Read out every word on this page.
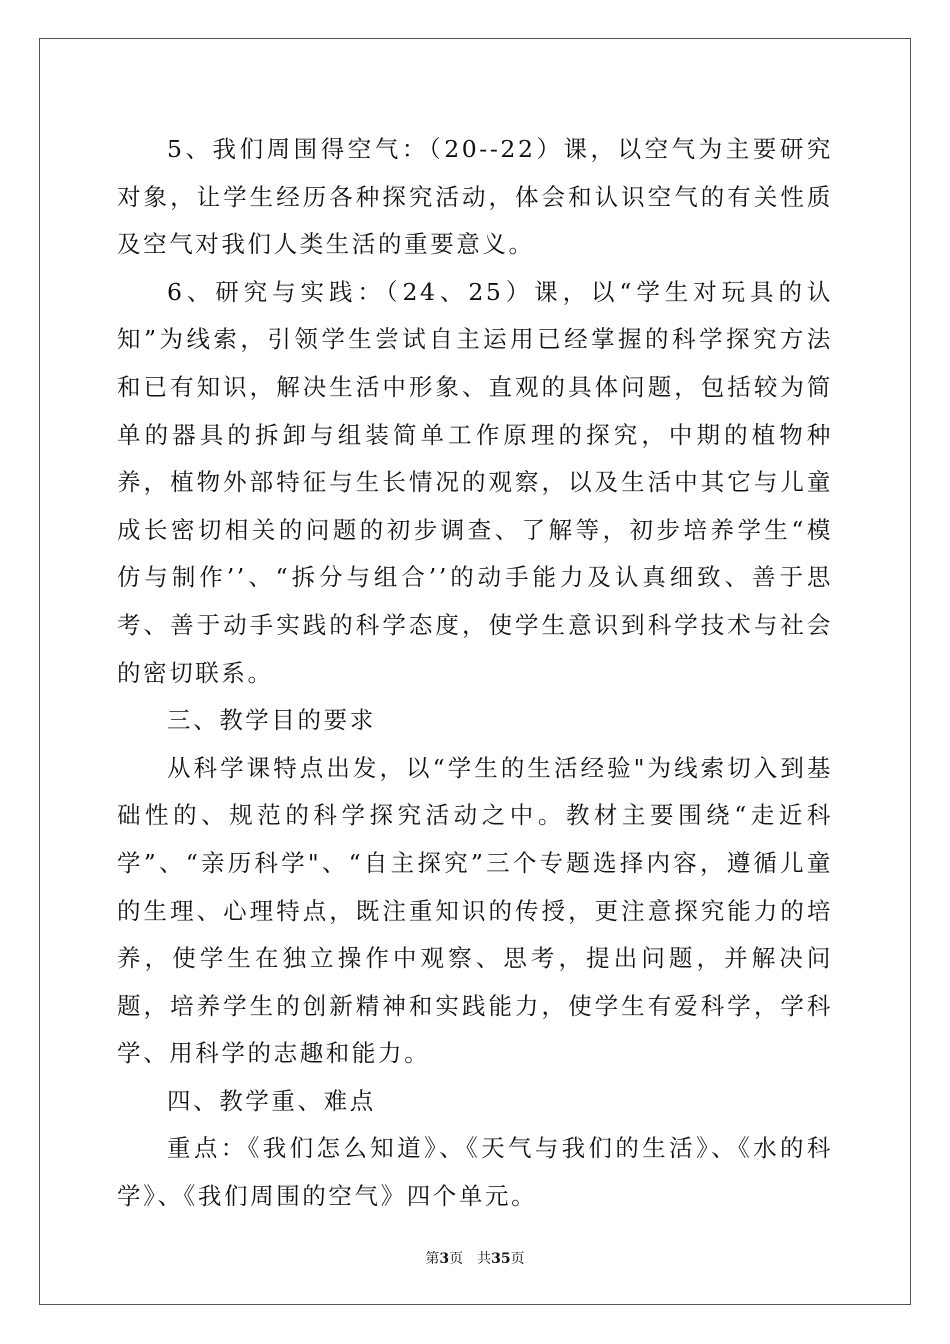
5、我们周围得空气：（20--22）课，以空气为主要研究对象，让学生经历各种探究活动，体会和认识空气的有关性质及空气对我们人类生活的重要意义。

6、研究与实践：（24、25）课，以“学生对玩具的认知”为线索，引领学生尝试自主运用已经掌握的科学探究方法和已有知识，解决生活中形象、直观的具体问题，包括较为简单的器具的拆卸与组装简单工作原理的探究，中期的植物种养，植物外部特征与生长情况的观察，以及生活中其它与儿童成长密切相关的问题的初步调查、了解等，初步培养学生“模仿与制作’’、“拆分与组合’’的动手能力及认真细致、善于思考、善于动手实践的科学态度，使学生意识到科学技术与社会的密切联系。

三、教学目的要求

从科学课特点出发，以“学生的生活经验"为线索切入到基础性的、规范的科学探究活动之中。教材主要围绕“走近科学”、“亲历科学"、“自主探究”三个专题选择内容，遵循儿童的生理、心理特点，既注重知识的传授，更注意探究能力的培养，使学生在独立操作中观察、思考，提出问题，并解决问题，培养学生的创新精神和实践能力，使学生有爱科学，学科学、用科学的志趣和能力。

四、教学重、难点

重点：《我们怎么知道》、《天气与我们的生活》、《水的科学》、《我们周围的空气》四个单元。

第3页　共35页
